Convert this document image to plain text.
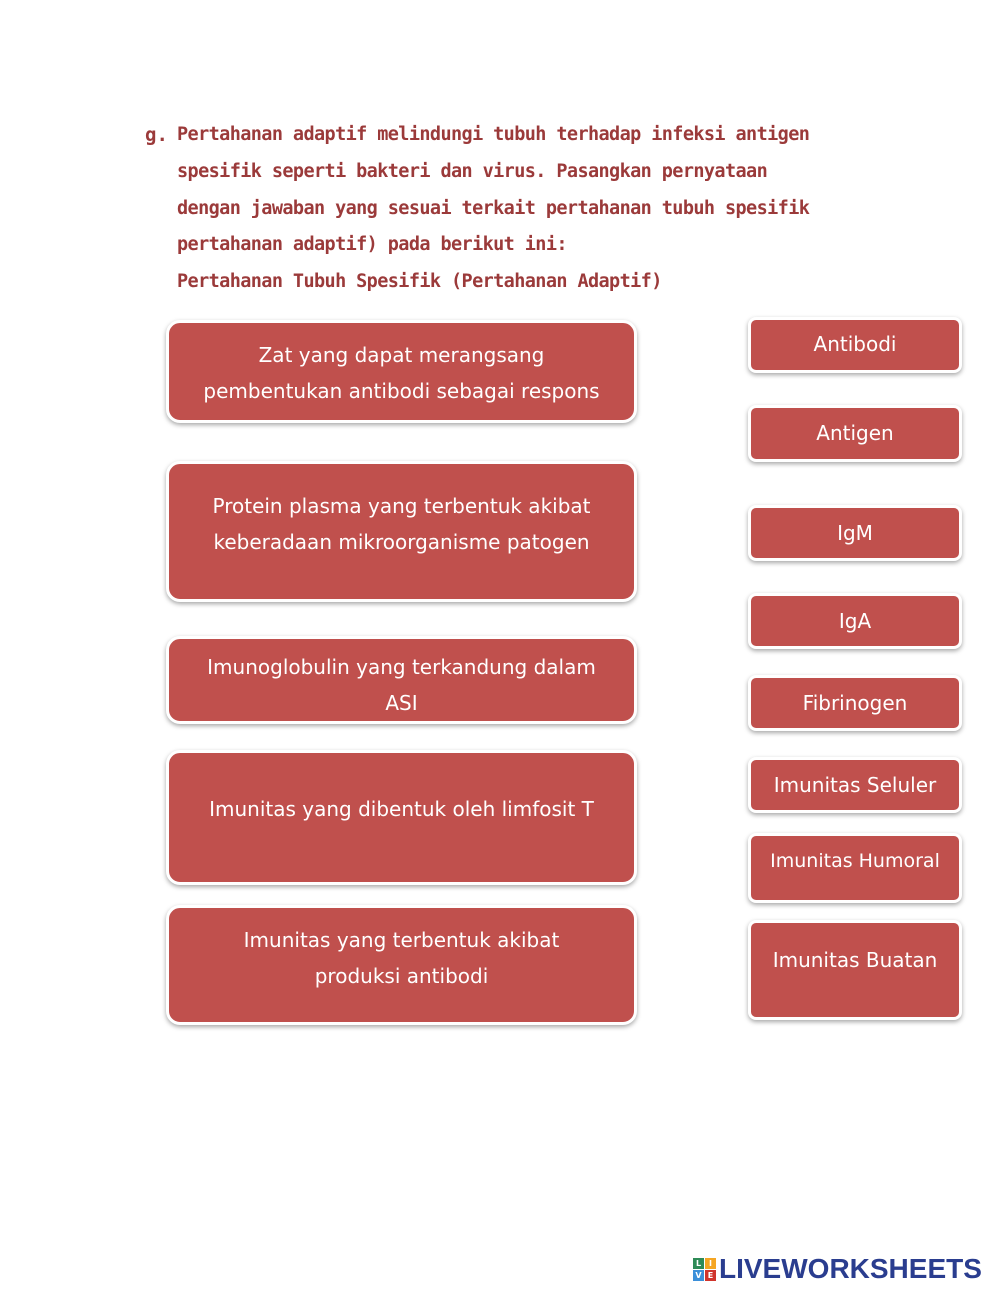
g. Pertahanan adaptif melindungi tubuh terhadap infeksi antigen
spesifik seperti bakteri dan virus. Pasangkan pernyataan
dengan jawaban yang sesuai terkait pertahanan tubuh spesifik
pertahanan adaptif) pada berikut ini:
Pertahanan Tubuh Spesifik (Pertahanan Adaptif)
Zat yang dapat merangsang
pembentukan antibodi sebagai respons
Protein plasma yang terbentuk akibat
keberadaan mikroorganisme patogen
Imunoglobulin yang terkandung dalam
ASI
Imunitas yang dibentuk oleh limfosit T
Imunitas yang terbentuk akibat
produksi antibodi
Antibodi
Antigen
IgM
IgA
Fibrinogen
Imunitas Seluler
Imunitas Humoral
Imunitas Buatan
L I
V E LIVEWORKSHEETS
